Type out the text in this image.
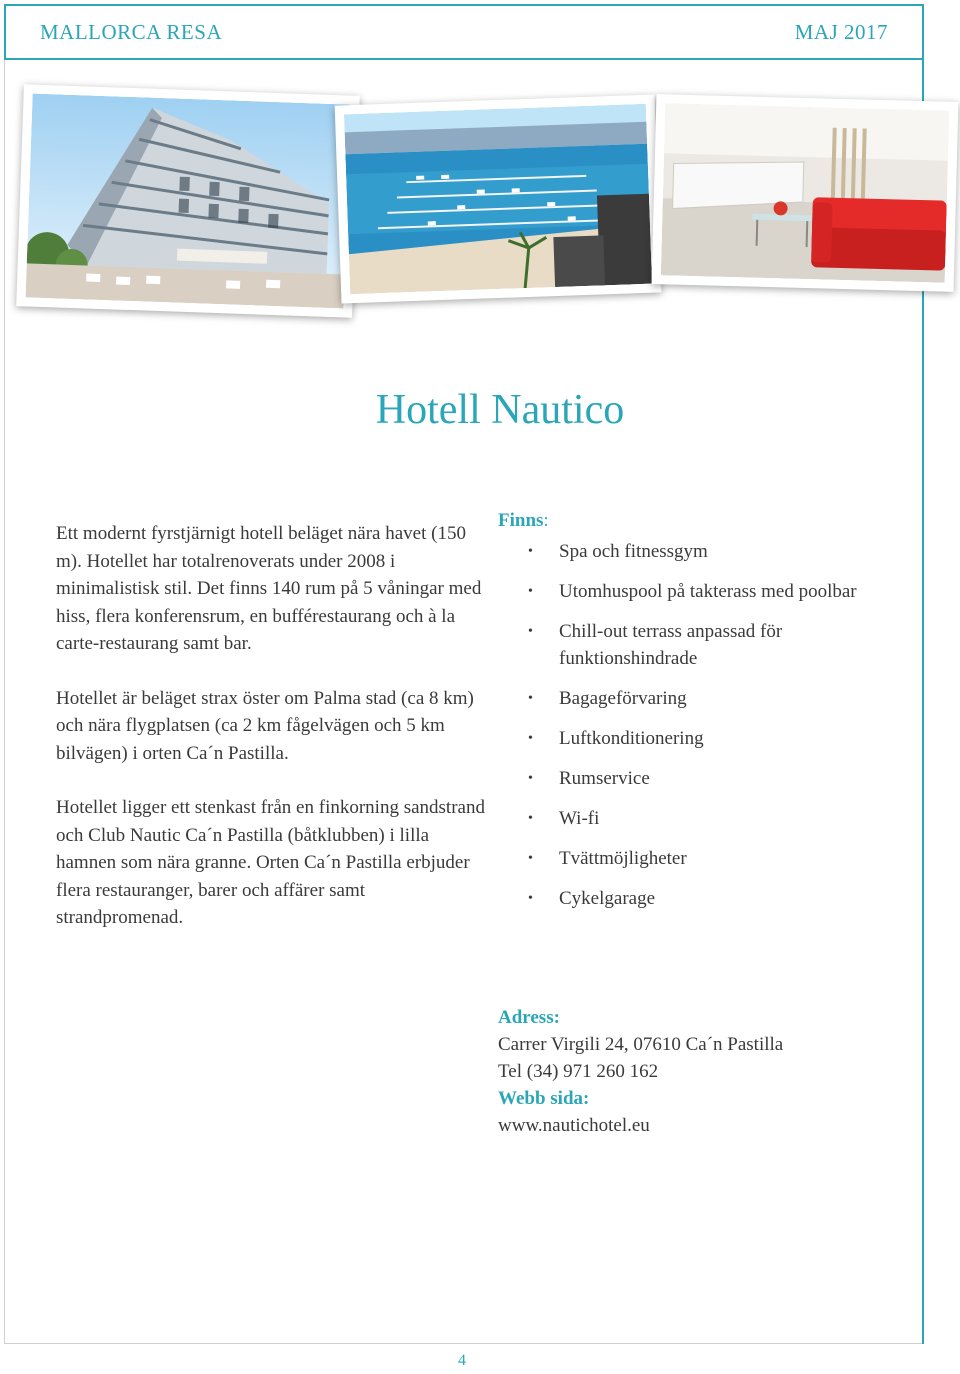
MALLORCA RESA	MAJ 2017
Hotell Nautico

Ett modernt fyrstjärnigt hotell beläget nära havet (150 m). Hotellet har totalrenoverats under 2008 i minimalistisk stil. Det finns 140 rum på 5 våningar med hiss, flera konferensrum, en bufférestaurang och à la carte-restaurang samt bar.

Hotellet är beläget strax öster om Palma stad (ca 8 km) och nära flygplatsen (ca 2 km fågelvägen och 5 km bilvägen) i orten Ca´n Pastilla.

Hotellet ligger ett stenkast från en finkorning sandstrand och Club Nautic Ca´n Pastilla (båtklubben) i lilla hamnen som nära granne. Orten Ca´n Pastilla erbjuder flera restauranger, barer och affärer samt strandpromenad.

Finns:
• Spa och fitnessgym
• Utomhuspool på takterass med poolbar
• Chill-out terrass anpassad för funktionshindrade
• Bagageförvaring
• Luftkonditionering
• Rumservice
• Wi-fi
• Tvättmöjligheter
• Cykelgarage
Adress:
Carrer Virgili 24, 07610 Ca´n Pastilla
Tel (34) 971 260 162
Webb sida:
www.nautichotel.eu
4
